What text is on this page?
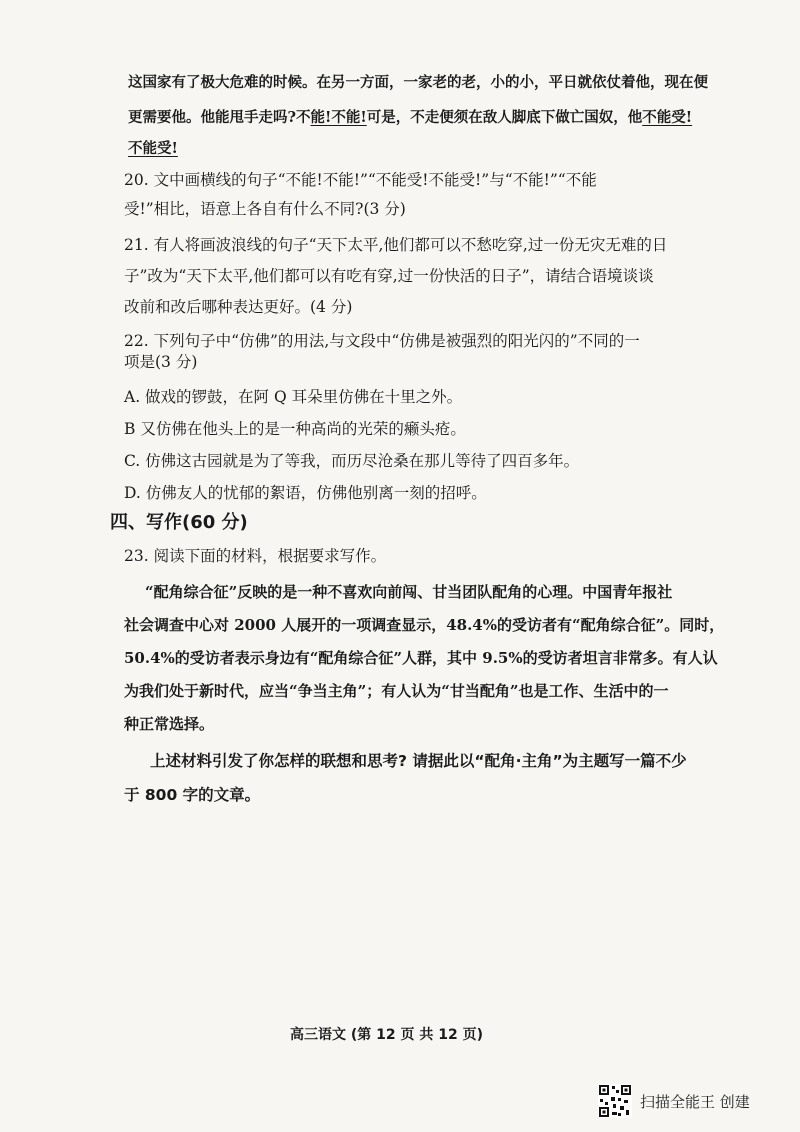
这国家有了极大危难的时候。在另一方面，一家老的老，小的小，平日就依仗着他，现在便
更需要他。他能甩手走吗?不能!不能!可是，不走便须在敌人脚底下做亡国奴，他不能受!
不能受!
20. 文中画横线的句子“不能!不能!”“不能受!不能受!”与“不能!”“不能
受!”相比，语意上各自有什么不同?(3 分)
21. 有人将画波浪线的句子“天下太平,他们都可以不愁吃穿,过一份无灾无难的日
子”改为“天下太平,他们都可以有吃有穿,过一份快活的日子”，请结合语境谈谈
改前和改后哪种表达更好。(4 分)
22. 下列句子中“仿佛”的用法,与文段中“仿佛是被强烈的阳光闪的”不同的一
项是(3 分)
A. 做戏的锣鼓，在阿 Q 耳朵里仿佛在十里之外。
B 又仿佛在他头上的是一种高尚的光荣的癞头疮。
C. 仿佛这古园就是为了等我，而历尽沧桑在那儿等待了四百多年。
D. 仿佛友人的忧郁的絮语，仿佛他别离一刻的招呼。
四、写作(60 分)
23. 阅读下面的材料，根据要求写作。
“配角综合征”反映的是一种不喜欢向前闯、甘当团队配角的心理。中国青年报社
社会调查中心对 2000 人展开的一项调查显示，48.4%的受访者有“配角综合征”。同时，
50.4%的受访者表示身边有“配角综合征”人群，其中 9.5%的受访者坦言非常多。有人认
为我们处于新时代，应当“争当主角”；有人认为“甘当配角”也是工作、生活中的一
种正常选择。
上述材料引发了你怎样的联想和思考? 请据此以“配角·主角”为主题写一篇不少
于 800 字的文章。
高三语文 (第 12 页 共 12 页)
扫描全能王 创建
